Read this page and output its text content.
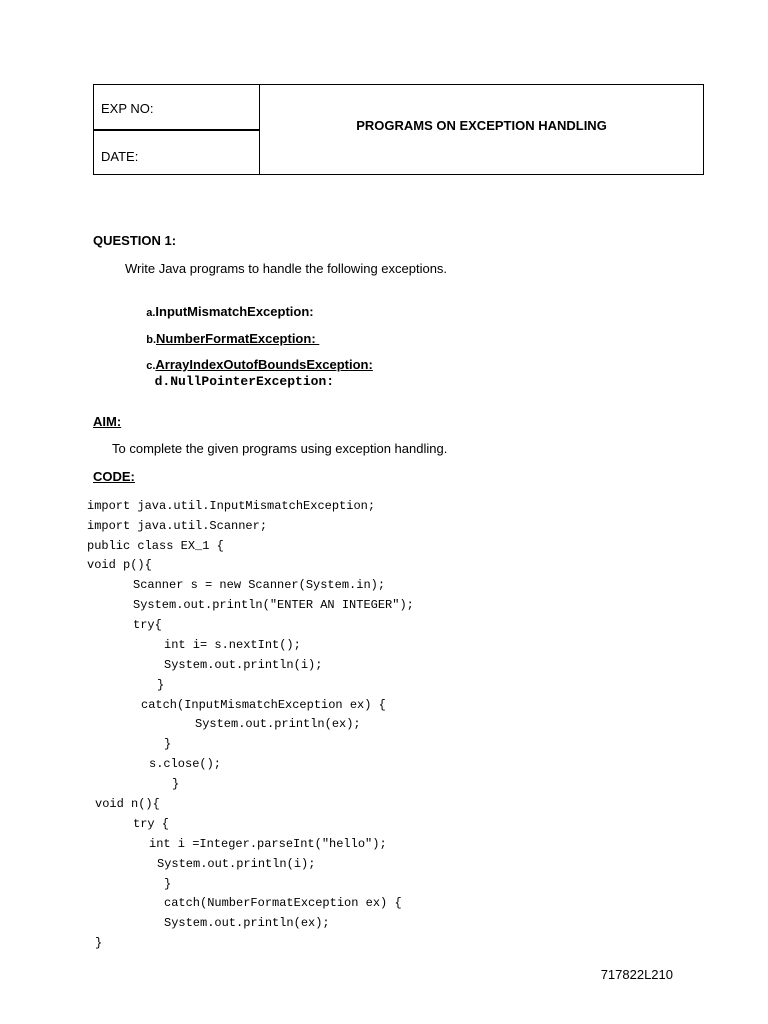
EXP NO:
DATE:
PROGRAMS ON EXCEPTION HANDLING
QUESTION 1:
Write Java programs to handle the following exceptions.

a.InputMismatchException:

b.NumberFormatException:

c.ArrayIndexOutofBoundsException:

d.NullPointerException:

AIM:
To complete the given programs using exception handling.
CODE:
import java.util.InputMismatchException;
import java.util.Scanner;
public class EX_1 {
void p(){
Scanner s = new Scanner(System.in);
System.out.println("ENTER AN INTEGER");
try{
int i= s.nextInt();
System.out.println(i);
}
catch(InputMismatchException ex) {
System.out.println(ex);
}
s.close();
}
void n(){
try {
int i =Integer.parseInt("hello");
System.out.println(i);
}
catch(NumberFormatException ex) {
System.out.println(ex);
}
717822L210
